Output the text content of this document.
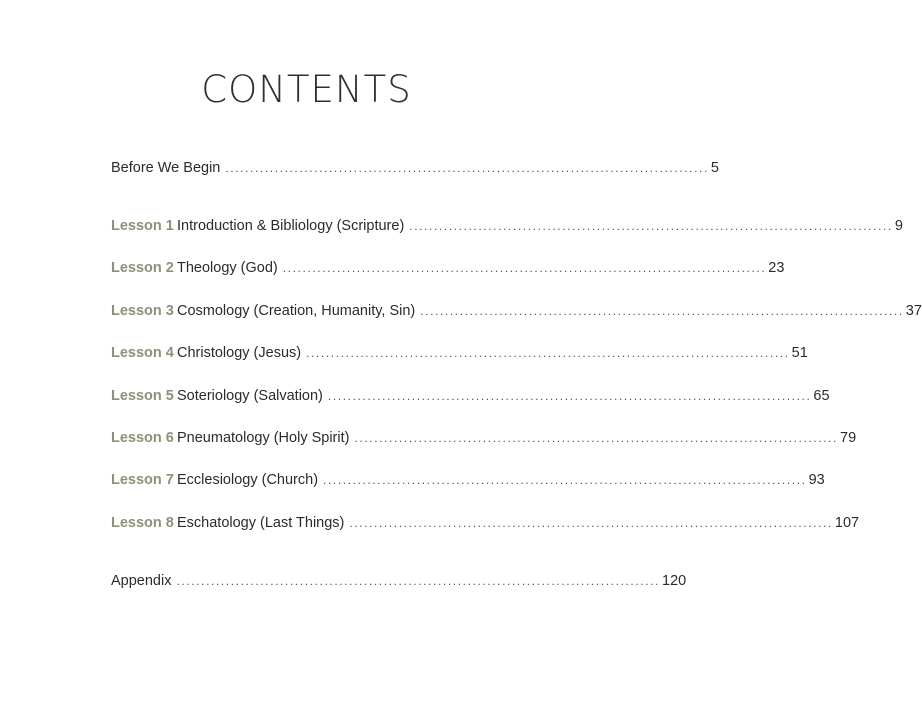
CONTENTS
Before We Begin .................................................................................................. 5
Lesson 1 Introduction & Bibliology (Scripture) .................................................................................................. 9
Lesson 2 Theology (God) .................................................................................................. 23
Lesson 3 Cosmology (Creation, Humanity, Sin) .................................................................................................. 37
Lesson 4 Christology (Jesus) .................................................................................................. 51
Lesson 5 Soteriology (Salvation) .................................................................................................. 65
Lesson 6 Pneumatology (Holy Spirit) .................................................................................................. 79
Lesson 7 Ecclesiology (Church) .................................................................................................. 93
Lesson 8 Eschatology (Last Things) .................................................................................................. 107
Appendix .................................................................................................. 120
